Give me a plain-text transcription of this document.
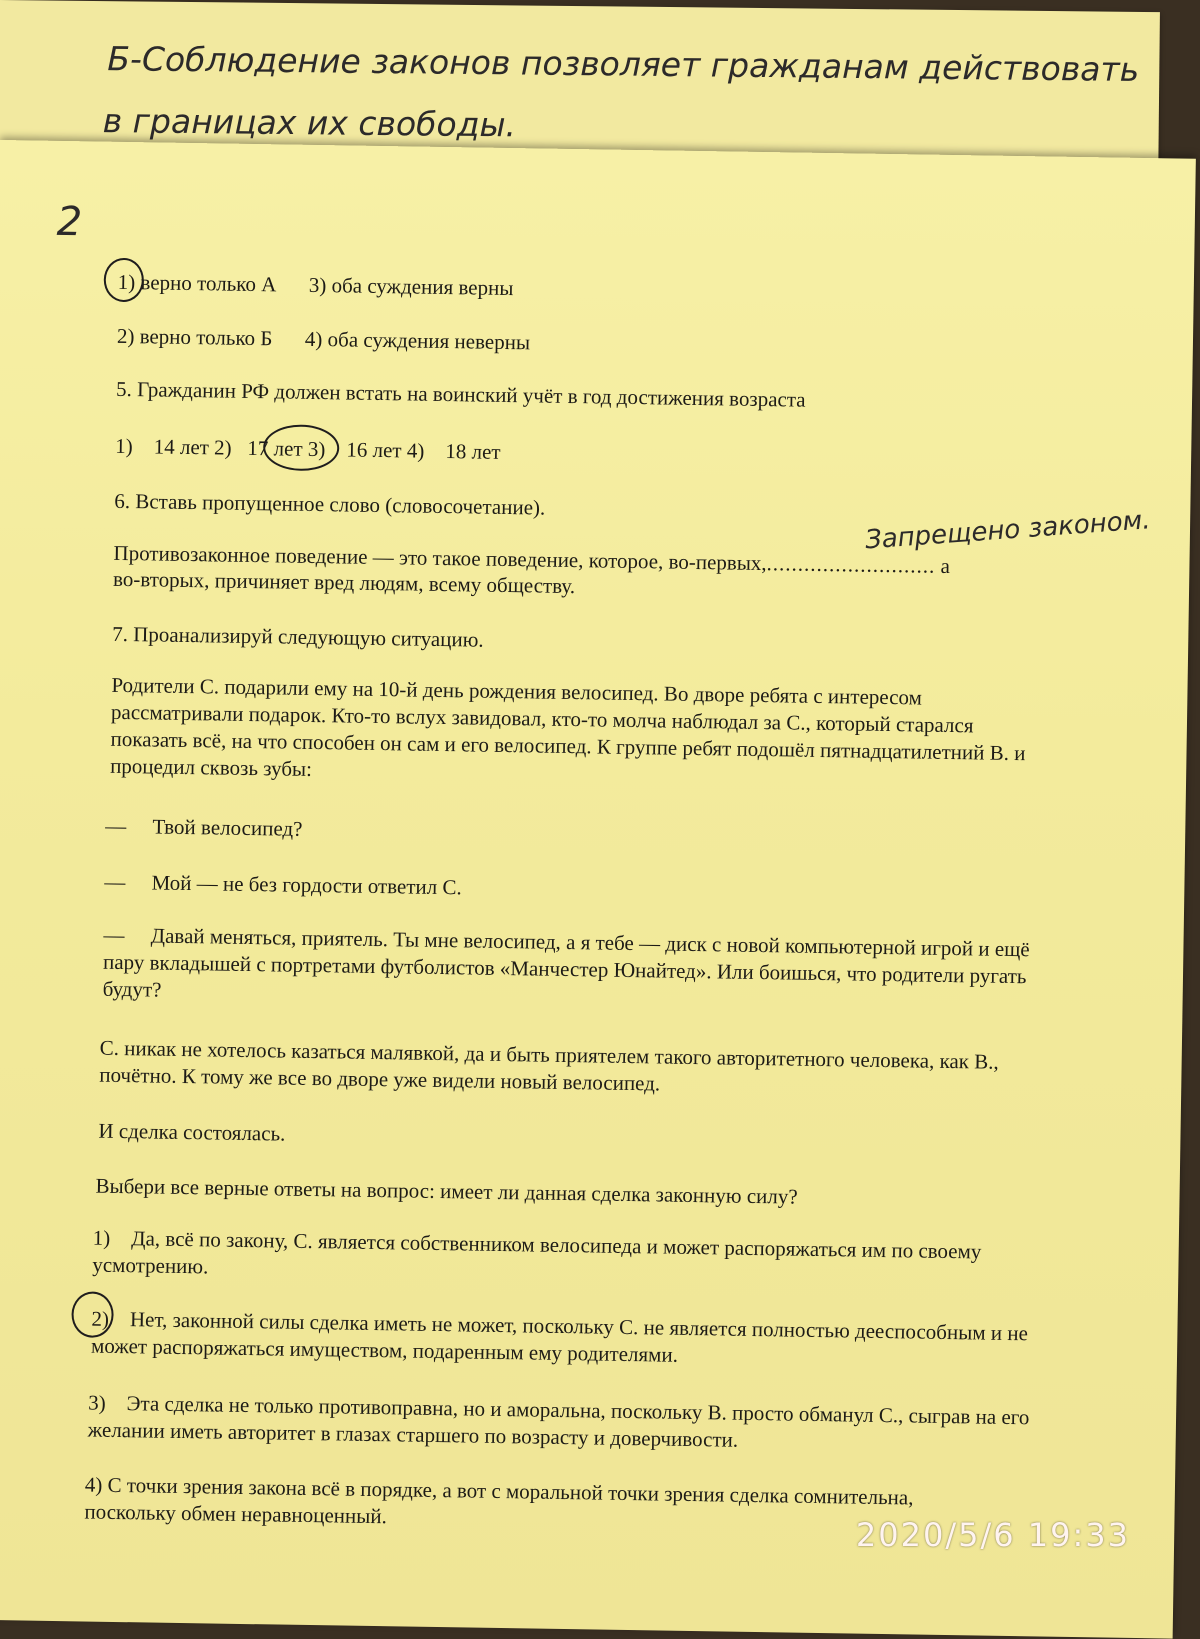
Б-Соблюдение законов позволяет гражданам действовать
в границах их свободы.
2
1) верно только А 3) оба суждения верны
2) верно только Б 4) оба суждения неверны
5. Гражданин РФ должен встать на воинский учёт в год достижения возраста
1)    14 лет 2)   17 лет 3)    16 лет 4)    18 лет
6. Вставь пропущенное слово (словосочетание).
Противозаконное поведение — это такое поведение, которое, во-первых,........................... а
Запрещено законом.
во-вторых, причиняет вред людям, всему обществу.
7. Проанализируй следующую ситуацию.
Родители С. подарили ему на 10-й день рождения велосипед. Во дворе ребята с интересом рассматривали подарок. Кто-то вслух завидовал, кто-то молча наблюдал за С., который старался показать всё, на что способен он сам и его велосипед. К группе ребят подошёл пятнадцатилетний В. и процедил сквозь зубы:
—     Твой велосипед?
—     Мой — не без гордости ответил С.
—     Давай меняться, приятель. Ты мне велосипед, а я тебе — диск с новой компьютерной игрой и ещё пару вкладышей с портретами футболистов «Манчестер Юнайтед». Или боишься, что родители ругать будут?
С. никак не хотелось казаться малявкой, да и быть приятелем такого авторитетного человека, как В., почётно. К тому же все во дворе уже видели новый велосипед.
И сделка состоялась.
Выбери все верные ответы на вопрос: имеет ли данная сделка законную силу?
1)    Да, всё по закону, С. является собственником велосипеда и может распоряжаться им по своему усмотрению.
2)    Нет, законной силы сделка иметь не может, поскольку С. не является полностью дееспособным и не может распоряжаться имуществом, подаренным ему родителями.
3)    Эта сделка не только противоправна, но и аморальна, поскольку В. просто обманул С., сыграв на его желании иметь авторитет в глазах старшего по возрасту и доверчивости.
4) С точки зрения закона всё в порядке, а вот с моральной точки зрения сделка сомнительна, поскольку обмен неравноценный.
2020/5/6 19:33
